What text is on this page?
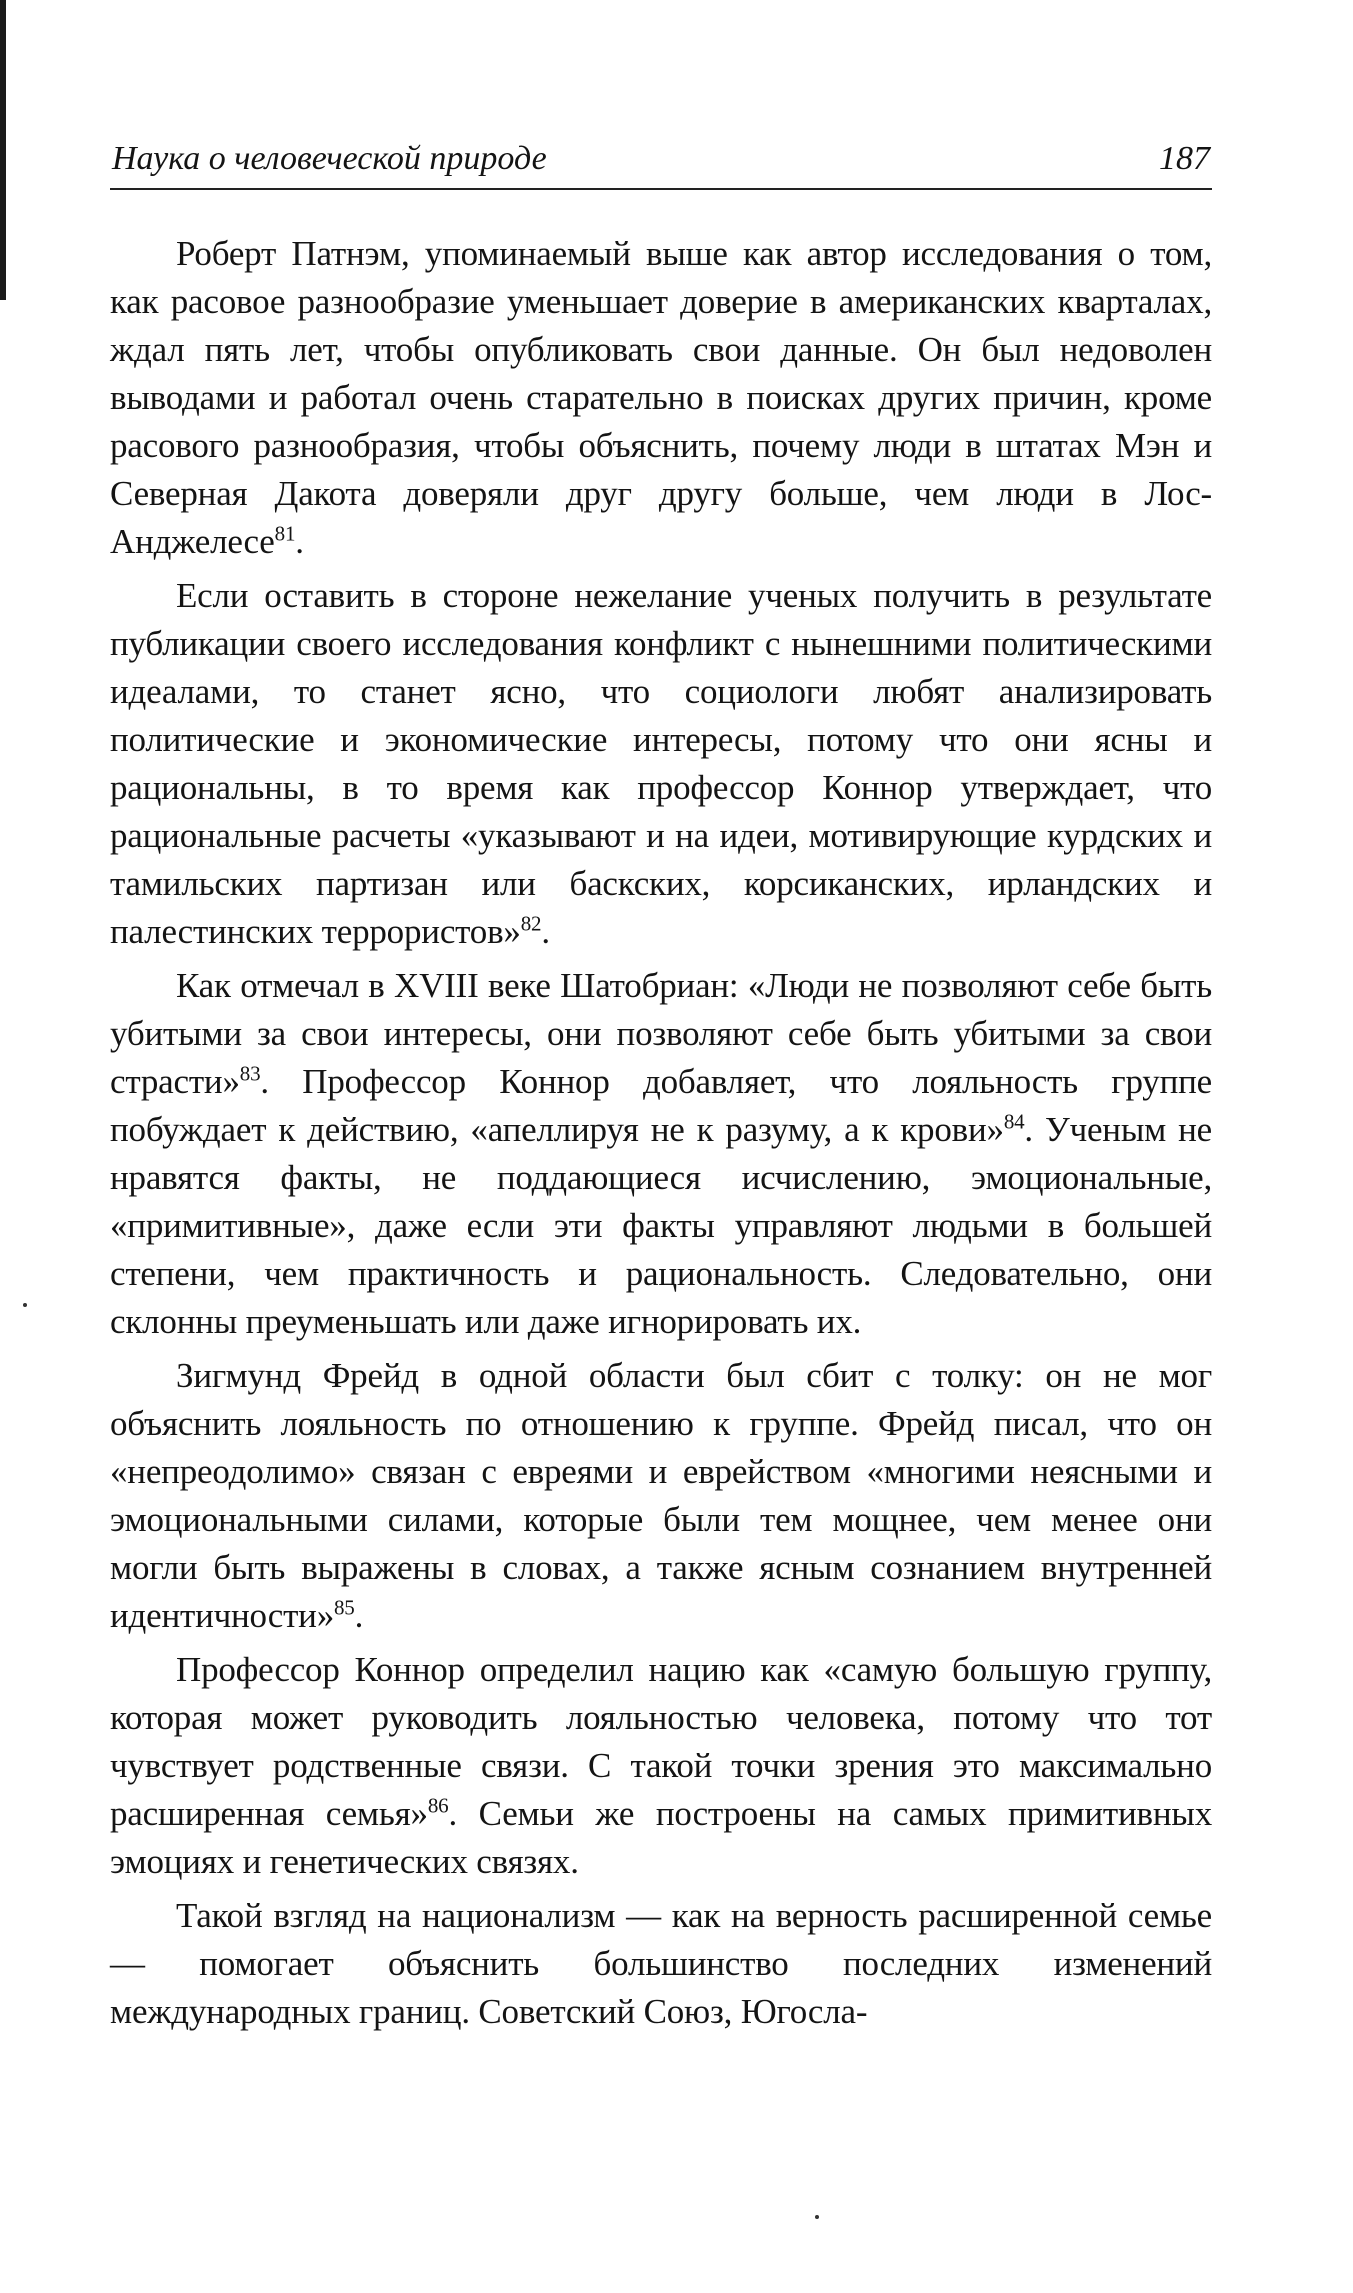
Наука о человеческой природе	187

Роберт Патнэм, упоминаемый выше как автор исследования о том, как расовое разнообразие уменьшает доверие в американских кварталах, ждал пять лет, чтобы опубликовать свои данные. Он был недоволен выводами и работал очень старательно в поисках других причин, кроме расового разнообразия, чтобы объяснить, почему люди в штатах Мэн и Северная Дакота доверяли друг другу больше, чем люди в Лос-Анджелесе$^{81}$.

Если оставить в стороне нежелание ученых получить в результате публикации своего исследования конфликт с нынешними политическими идеалами, то станет ясно, что социологи любят анализировать политические и экономические интересы, потому что они ясны и рациональны, в то время как профессор Коннор утверждает, что рациональные расчеты «указывают и на идеи, мотивирующие курдских и тамильских партизан или баскских, корсиканских, ирландских и палестинских террористов»$^{82}$.

Как отмечал в XVIII веке Шатобриан: «Люди не позволяют себе быть убитыми за свои интересы, они позволяют себе быть убитыми за свои страсти»$^{83}$. Профессор Коннор добавляет, что лояльность группе побуждает к действию, «апеллируя не к разуму, а к крови»$^{84}$. Ученым не нравятся факты, не поддающиеся исчислению, эмоциональные, «примитивные», даже если эти факты управляют людьми в большей степени, чем практичность и рациональность. Следовательно, они склонны преуменьшать или даже игнорировать их.

Зигмунд Фрейд в одной области был сбит с толку: он не мог объяснить лояльность по отношению к группе. Фрейд писал, что он «непреодолимо» связан с евреями и еврейством «многими неясными и эмоциональными силами, которые были тем мощнее, чем менее они могли быть выражены в словах, а также ясным сознанием внутренней идентичности»$^{85}$.

Профессор Коннор определил нацию как «самую большую группу, которая может руководить лояльностью человека, потому что тот чувствует родственные связи. С такой точки зрения это максимально расширенная семья»$^{86}$. Семьи же построены на самых примитивных эмоциях и генетических связях.

Такой взгляд на национализм — как на верность расширенной семье — помогает объяснить большинство последних изменений международных границ. Советский Союз, Югосла-
